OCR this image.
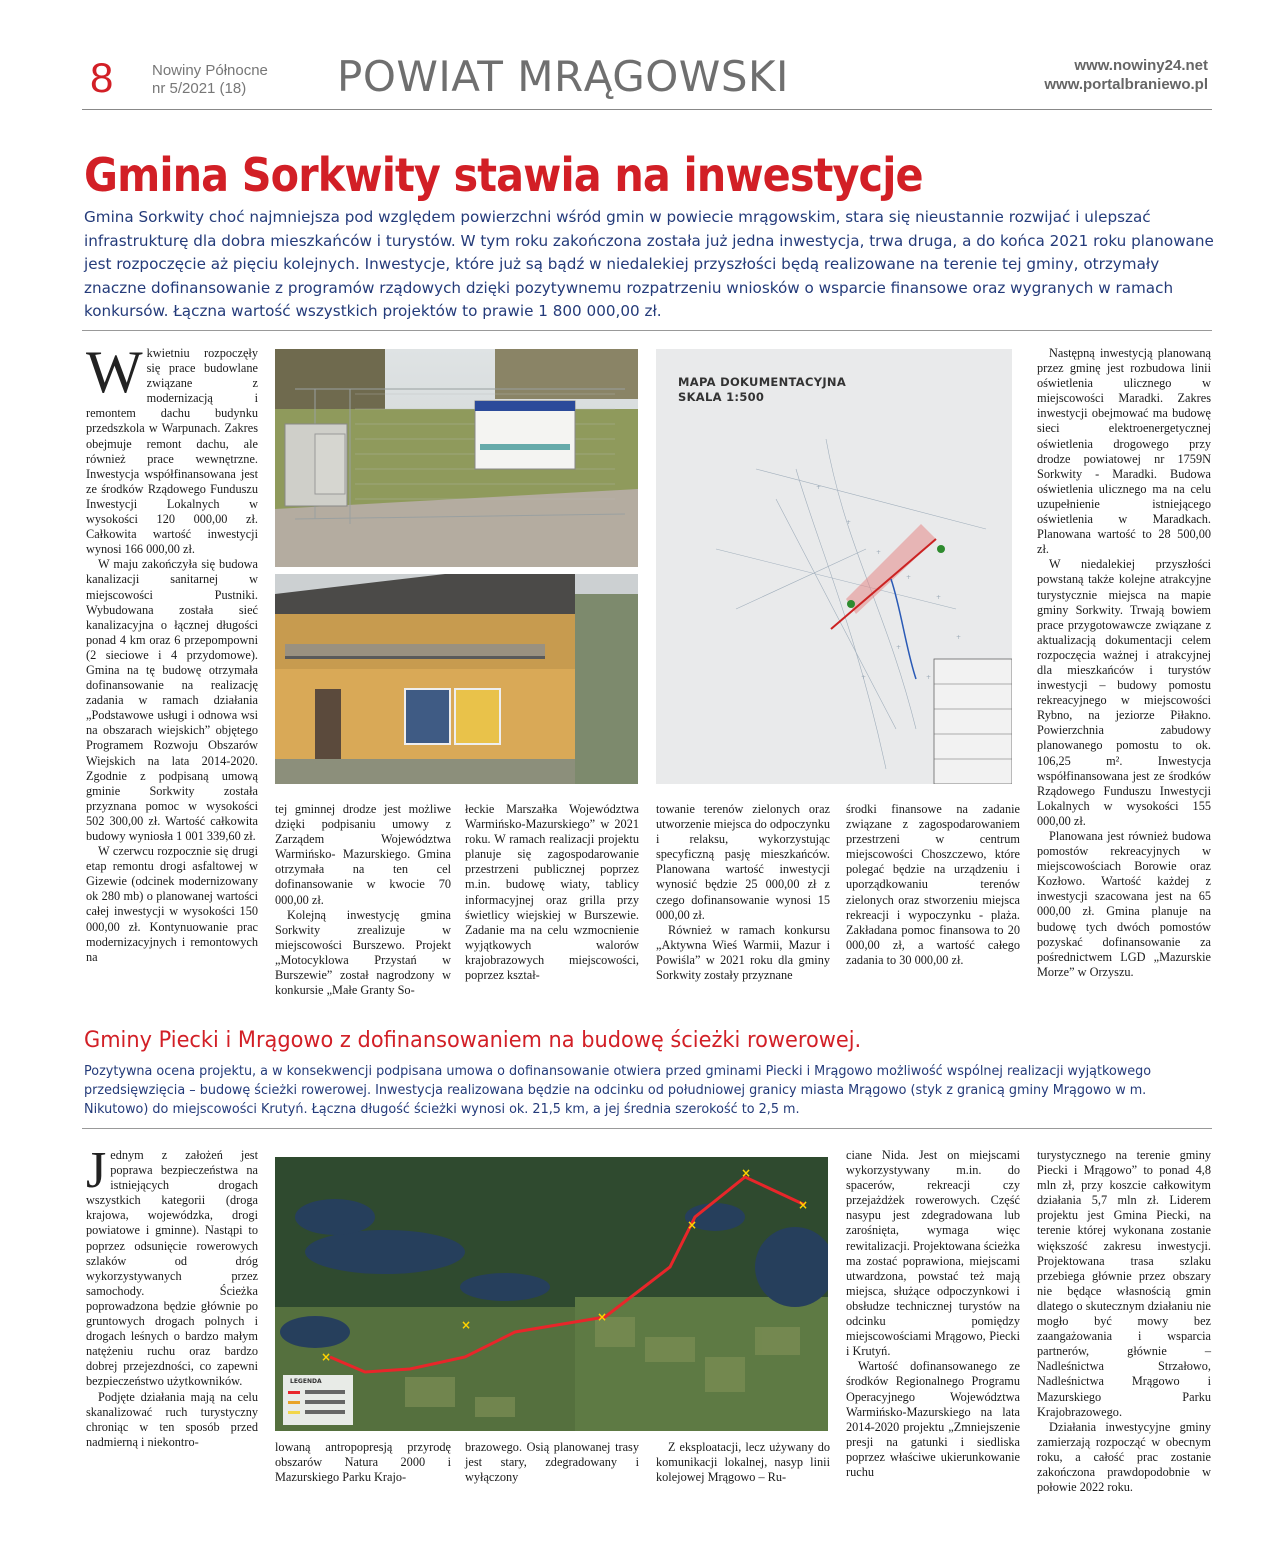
8	Nowiny Północne
nr 5/2021 (18)	POWIAT MRĄGOWSKI	www.nowiny24.net
www.portalbraniewo.pl
Gmina Sorkwity stawia na inwestycje
Gmina Sorkwity choć najmniejsza pod względem powierzchni wśród gmin w powiecie mrągowskim, stara się nieustannie rozwijać i ulepszać infrastrukturę dla dobra mieszkańców i turystów. W tym roku zakończona została już jedna inwestycja, trwa druga, a do końca 2021 roku planowane jest rozpoczęcie aż pięciu kolejnych. Inwestycje, które już są bądź w niedalekiej przyszłości będą realizowane na terenie tej gminy, otrzymały znaczne dofinansowanie z programów rządowych dzięki pozytywnemu rozpatrzeniu wniosków o wsparcie finansowe oraz wygranych w ramach konkursów. Łączna wartość wszystkich projektów to prawie 1 800 000,00 zł.

Wkwietniu rozpoczęły się prace budowlane związane z modernizacją i remontem dachu budynku przedszkola w Warpunach. Zakres obejmuje remont dachu, ale również prace wewnętrzne. Inwestycja współfinansowana jest ze środków Rządowego Funduszu Inwestycji Lokalnych w wysokości 120 000,00 zł. Całkowita wartość inwestycji wynosi 166 000,00 zł.

W maju zakończyła się budowa kanalizacji sanitarnej w miejscowości Pustniki. Wybudowana została sieć kanalizacyjna o łącznej długości ponad 4 km oraz 6 przepompowni (2 sieciowe i 4 przydomowe). Gmina na tę budowę otrzymała dofinansowanie na realizację zadania w ramach działania „Podstawowe usługi i odnowa wsi na obszarach wiejskich” objętego Programem Rozwoju Obszarów Wiejskich na lata 2014-2020. Zgodnie z podpisaną umową gminie Sorkwity została przyznana pomoc w wysokości 502 300,00 zł. Wartość całkowita budowy wyniosła 1 001 339,60 zł.

W czerwcu rozpocznie się drugi etap remontu drogi asfaltowej w Gizewie (odcinek modernizowany ok 280 mb) o planowanej wartości całej inwestycji w wysokości 150 000,00 zł. Kontynuowanie prac modernizacyjnych i remontowych na

+
+
+
+
+
+
+
+
+
MAPA DOKUMENTACYJNA
SKALA 1:500

tej gminnej drodze jest możliwe dzięki podpisaniu umowy z Zarządem Województwa Warmińsko- Mazurskiego. Gmina otrzymała na ten cel dofinansowanie w kwocie 70 000,00 zł.

Kolejną inwestycję gmina Sorkwity zrealizuje w miejscowości Burszewo. Projekt „Motocyklowa Przystań w Burszewie” został nagrodzony w konkursie „Małe Granty So-

łeckie Marszałka Województwa Warmińsko-Mazurskiego” w 2021 roku. W ramach realizacji projektu planuje się zagospodarowanie przestrzeni publicznej poprzez m.in. budowę wiaty, tablicy informacyjnej oraz grilla przy świetlicy wiejskiej w Burszewie. Zadanie ma na celu wzmocnienie wyjątkowych walorów krajobrazowych miejscowości, poprzez kształ-

towanie terenów zielonych oraz utworzenie miejsca do odpoczynku i relaksu, wykorzystując specyficzną pasję mieszkańców. Planowana wartość inwestycji wynosić będzie 25 000,00 zł z czego dofinansowanie wynosi 15 000,00 zł.

Również w ramach konkursu „Aktywna Wieś Warmii, Mazur i Powiśla” w 2021 roku dla gminy Sorkwity zostały przyznane

środki finansowe na zadanie związane z zagospodarowaniem przestrzeni w centrum miejscowości Choszczewo, które polegać będzie na urządzeniu i uporządkowaniu terenów zielonych oraz stworzeniu miejsca rekreacji i wypoczynku - plaża. Zakładana pomoc finansowa to 20 000,00 zł, a wartość całego zadania to 30 000,00 zł.

Następną inwestycją planowaną przez gminę jest rozbudowa linii oświetlenia ulicznego w miejscowości Maradki. Zakres inwestycji obejmować ma budowę sieci elektroenergetycznej oświetlenia drogowego przy drodze powiatowej nr 1759N Sorkwity - Maradki. Budowa oświetlenia ulicznego ma na celu uzupełnienie istniejącego oświetlenia w Maradkach. Planowana wartość to 28 500,00 zł.

W niedalekiej przyszłości powstaną także kolejne atrakcyjne turystycznie miejsca na mapie gminy Sorkwity. Trwają bowiem prace przygotowawcze związane z aktualizacją dokumentacji celem rozpoczęcia ważnej i atrakcyjnej dla mieszkańców i turystów inwestycji – budowy pomostu rekreacyjnego w miejscowości Rybno, na jeziorze Piłakno. Powierzchnia zabudowy planowanego pomostu to ok. 106,25 m². Inwestycja współfinansowana jest ze środków Rządowego Funduszu Inwestycji Lokalnych w wysokości 155 000,00 zł.

Planowana jest również budowa pomostów rekreacyjnych w miejscowościach Borowie oraz Kozłowo. Wartość każdej z inwestycji szacowana jest na 65 000,00 zł. Gmina planuje na budowę tych dwóch pomostów pozyskać dofinansowanie za pośrednictwem LGD „Mazurskie Morze” w Orzyszu.

Gminy Piecki i Mrągowo z dofinansowaniem na budowę ścieżki rowerowej.
Pozytywna ocena projektu, a w konsekwencji podpisana umowa o dofinansowanie otwiera przed gminami Piecki i Mrągowo możliwość wspólnej realizacji wyjątkowego przedsięwzięcia – budowę ścieżki rowerowej. Inwestycja realizowana będzie na odcinku od południowej granicy miasta Mrągowo (styk z granicą gminy Mrągowo w m. Nikutowo) do miejscowości Krutyń. Łączna długość ścieżki wynosi ok. 21,5 km, a jej średnia szerokość to 2,5 m.

Jednym z założeń jest poprawa bezpieczeństwa na istniejących drogach wszystkich kategorii (droga krajowa, wojewódzka, drogi powiatowe i gminne). Nastąpi to poprzez odsunięcie rowerowych szlaków od dróg wykorzystywanych przez samochody. Ścieżka poprowadzona będzie głównie po gruntowych drogach polnych i drogach leśnych o bardzo małym natężeniu ruchu oraz bardzo dobrej przejezdności, co zapewni bezpieczeństwo użytkowników.

Podjęte działania mają na celu skanalizować ruch turystyczny chroniąc w ten sposób przed nadmierną i niekontro-

×
×
×
×
×
×
LEGENDA

lowaną antropopresją przyrodę obszarów Natura 2000 i Mazurskiego Parku Krajo-

brazowego. Osią planowanej trasy jest stary, zdegradowany i wyłączony

Z eksploatacji, lecz używany do komunikacji lokalnej, nasyp linii kolejowej Mrągowo – Ru-

ciane Nida. Jest on miejscami wykorzystywany m.in. do spacerów, rekreacji czy przejażdżek rowerowych. Część nasypu jest zdegradowana lub zarośnięta, wymaga więc rewitalizacji. Projektowana ścieżka ma zostać poprawiona, miejscami utwardzona, powstać też mają miejsca, służące odpoczynkowi i obsłudze technicznej turystów na odcinku pomiędzy miejscowościami Mrągowo, Piecki i Krutyń.

Wartość dofinansowanego ze środków Regionalnego Programu Operacyjnego Województwa Warmińsko-Mazurskiego na lata 2014-2020 projektu „Zmniejszenie presji na gatunki i siedliska poprzez właściwe ukierunkowanie ruchu

turystycznego na terenie gminy Piecki i Mrągowo” to ponad 4,8 mln zł, przy koszcie całkowitym działania 5,7 mln zł. Liderem projektu jest Gmina Piecki, na terenie której wykonana zostanie większość zakresu inwestycji. Projektowana trasa szlaku przebiega głównie przez obszary nie będące własnością gmin dlatego o skutecznym działaniu nie mogło być mowy bez zaangażowania i wsparcia partnerów, głównie – Nadleśnictwa Strzałowo, Nadleśnictwa Mrągowo i Mazurskiego Parku Krajobrazowego.

Działania inwestycyjne gminy zamierzają rozpocząć w obecnym roku, a całość prac zostanie zakończona prawdopodobnie w połowie 2022 roku.
